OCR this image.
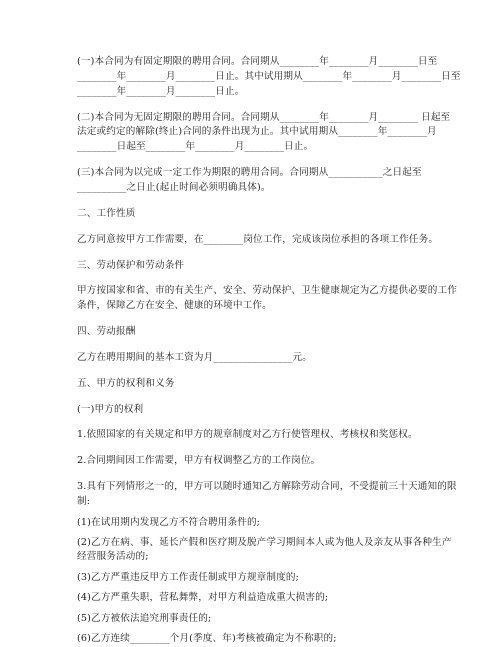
(一)本合同为有固定期限的聘用合同。合同期从________年________月________日至
________年________月________日止。其中试用期从________年________月________日至
________年________月________日止。
(二)本合同为无固定期限的聘用合同。合同期从________年________月________ 日起至
法定或约定的解除(终止)合同的条件出现为止。其中试用期从________年________月
________日起至________年________月________日止。
(三)本合同为以完成一定工作为期限的聘用合同。合同期从___________之日起至
__________之日止(起止时间必须明确具体)。
二、工作性质
乙方同意按甲方工作需要，在________岗位工作，完成该岗位承担的各项工作任务。
三、劳动保护和劳动条件
甲方按国家和省、市的有关生产、安全、劳动保护、卫生健康规定为乙方提供必要的工作
条件，保障乙方在安全、健康的环境中工作。
四、劳动报酬
乙方在聘用期间的基本工资为月________________元。
五、甲方的权利和义务
(一)甲方的权利
1.依照国家的有关规定和甲方的规章制度对乙方行使管理权、考核权和奖惩权。
2.合同期间因工作需要，甲方有权调整乙方的工作岗位。
3.具有下列情形之一的，甲方可以随时通知乙方解除劳动合同，不受提前三十天通知的限
制:
(1)在试用期内发现乙方不符合聘用条件的;
(2)乙方在病、事、延长产假和医疗期及脱产学习期间本人或为他人及亲友从事各种生产
经营服务活动的;
(3)乙方严重违反甲方工作责任制或甲方规章制度的;
(4)乙方严重失职，营私舞弊，对甲方利益造成重大损害的;
(5)乙方被依法追究刑事责任的;
(6)乙方连续________个月(季度、年)考核被确定为不称职的;
